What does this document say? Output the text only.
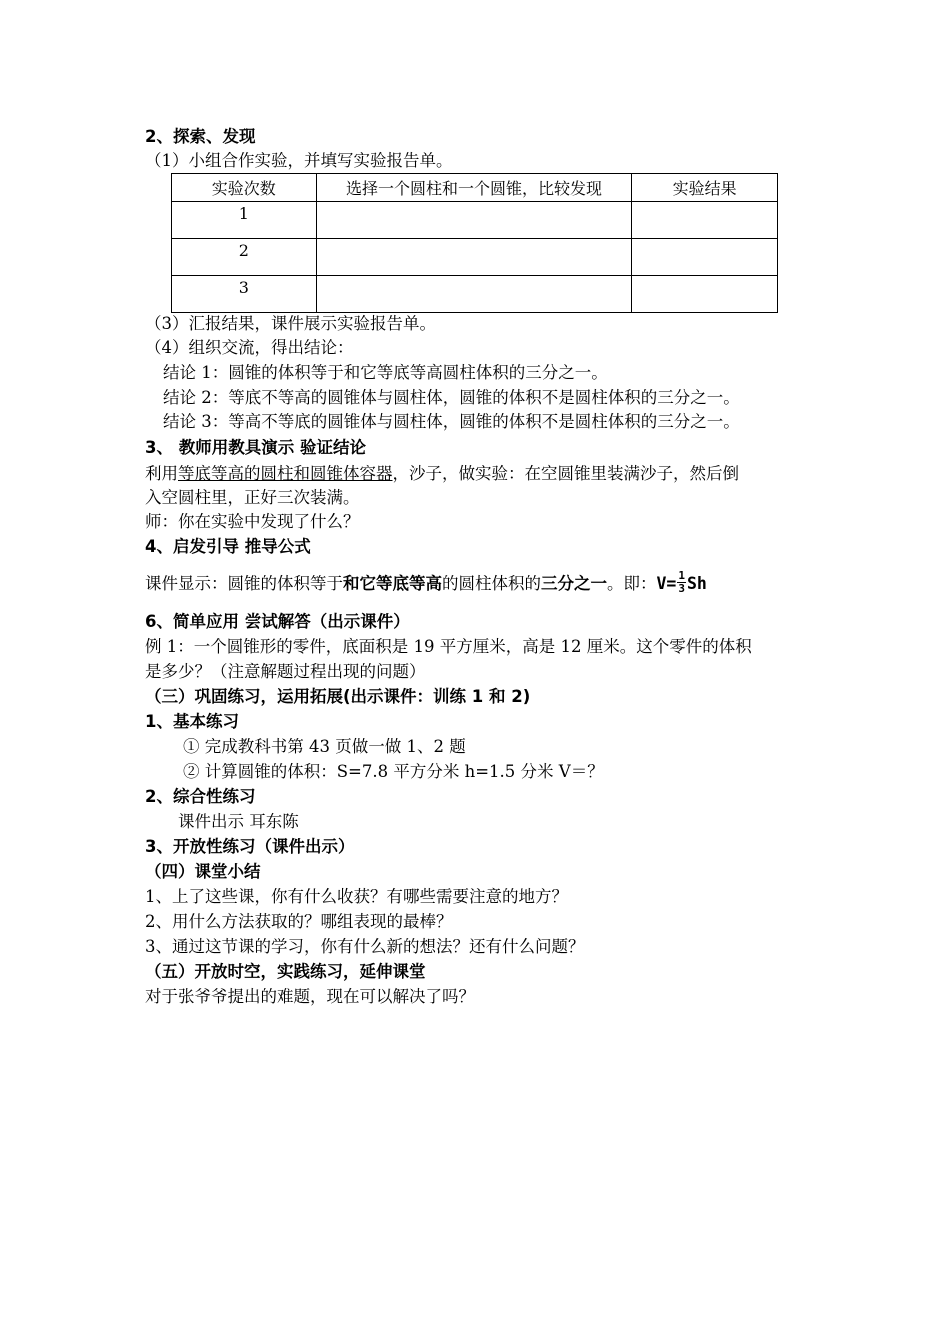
2、探索、发现
（1）小组合作实验，并填写实验报告单。
实验次数	选择一个圆柱和一个圆锥，比较发现	实验结果
1		
2		
3		
（3）汇报结果，课件展示实验报告单。
（4）组织交流，得出结论：
结论 1：圆锥的体积等于和它等底等高圆柱体积的三分之一。
结论 2：等底不等高的圆锥体与圆柱体，圆锥的体积不是圆柱体积的三分之一。
结论 3：等高不等底的圆锥体与圆柱体，圆锥的体积不是圆柱体积的三分之一。
3、 教师用教具演示 验证结论
利用等底等高的圆柱和圆锥体容器，沙子，做实验：在空圆锥里装满沙子，然后倒
入空圆柱里，正好三次装满。
师：你在实验中发现了什么？
4、启发引导 推导公式
课件显示：圆锥的体积等于和它等底等高的圆柱体积的三分之一。即：$V= \frac{1}{3}$ Sh
6、简单应用 尝试解答（出示课件）
例 1：一个圆锥形的零件，底面积是 19 平方厘米，高是 12 厘米。这个零件的体积
是多少？（注意解题过程出现的问题）
（三）巩固练习，运用拓展(出示课件：训练 1 和 2)
1、基本练习
① 完成教科书第 43 页做一做 1、2 题
② 计算圆锥的体积：S=7.8 平方分米 h=1.5 分米 V＝？
2、综合性练习
课件出示 耳东陈
3、开放性练习（课件出示）
（四）课堂小结
1、上了这些课，你有什么收获？有哪些需要注意的地方？
2、用什么方法获取的？哪组表现的最棒？
3、通过这节课的学习，你有什么新的想法？还有什么问题？
（五）开放时空，实践练习，延伸课堂
对于张爷爷提出的难题，现在可以解决了吗？
